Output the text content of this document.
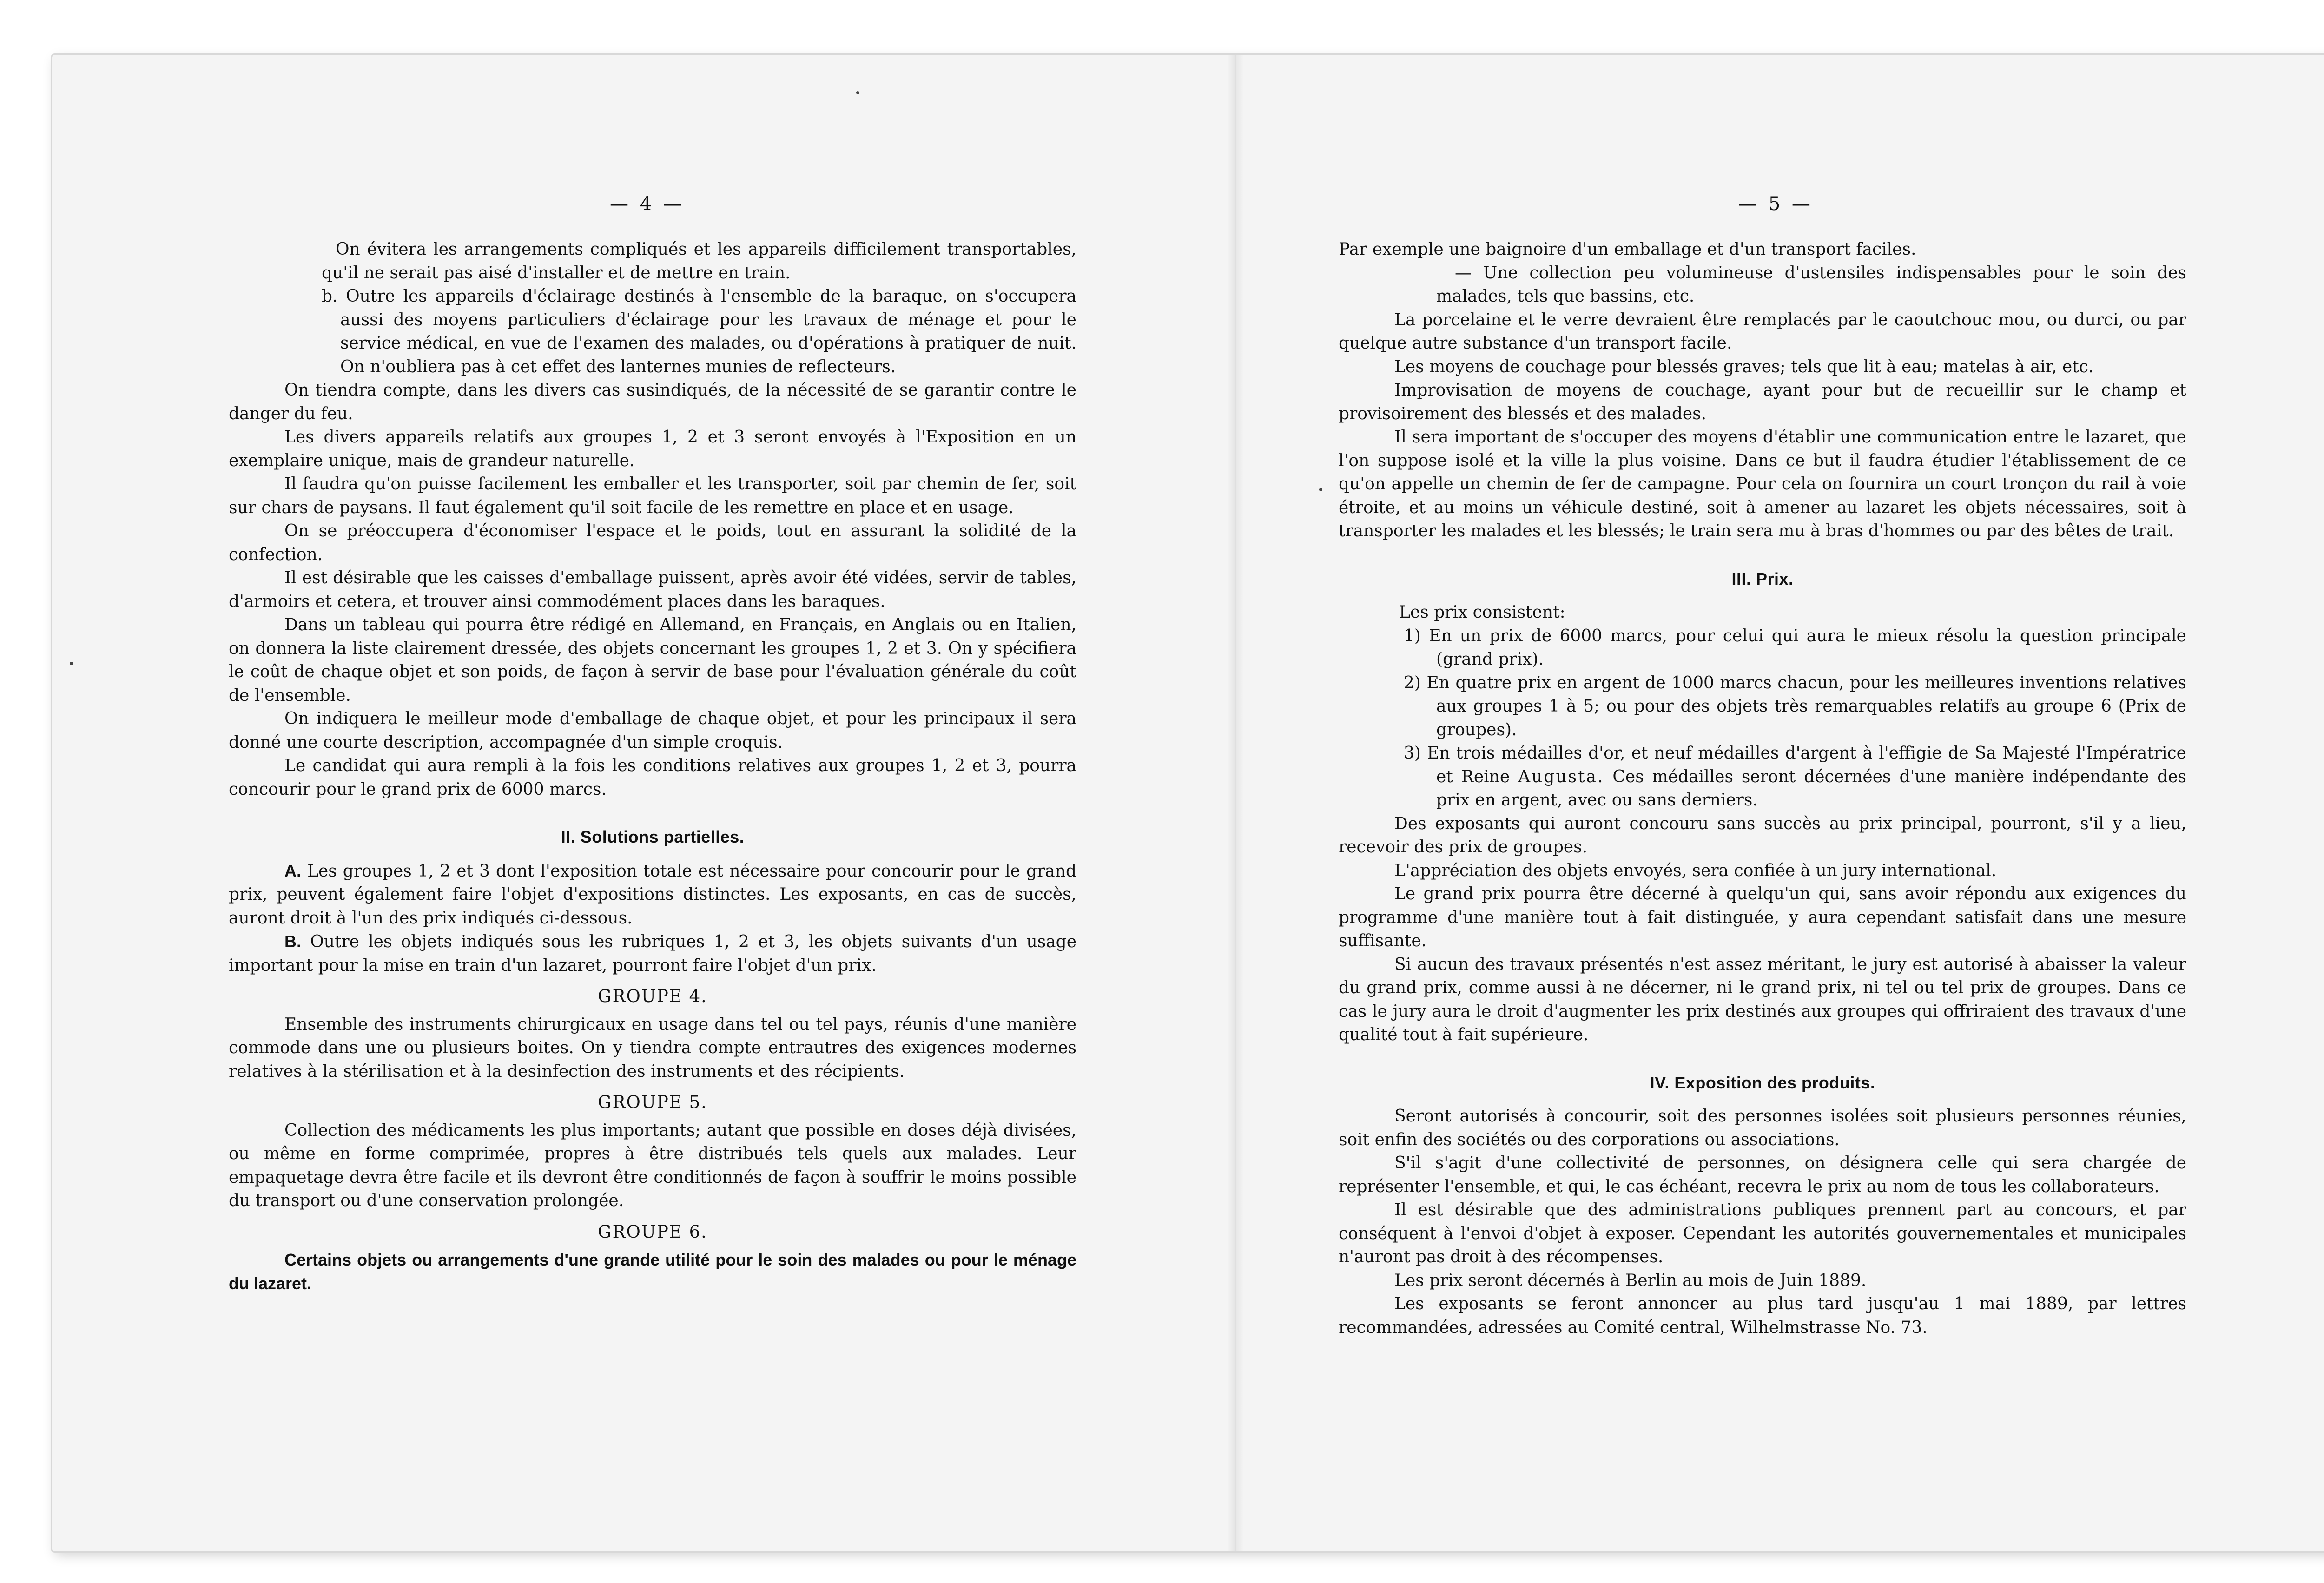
— 4 —

On évitera les arrangements compliqués et les appareils difficilement transportables, qu'il ne serait pas aisé d'installer et de mettre en train.

b. Outre les appareils d'éclairage destinés à l'ensemble de la baraque, on s'occupera aussi des moyens particuliers d'éclairage pour les travaux de ménage et pour le service médical, en vue de l'examen des malades, ou d'opérations à pratiquer de nuit. On n'oubliera pas à cet effet des lanternes munies de reflecteurs.

On tiendra compte, dans les divers cas susindiqués, de la nécessité de se garantir contre le danger du feu.

Les divers appareils relatifs aux groupes 1, 2 et 3 seront envoyés à l'Exposition en un exemplaire unique, mais de grandeur naturelle.

Il faudra qu'on puisse facilement les emballer et les transporter, soit par chemin de fer, soit sur chars de paysans. Il faut également qu'il soit facile de les remettre en place et en usage.

On se préoccupera d'économiser l'espace et le poids, tout en assurant la solidité de la confection.

Il est désirable que les caisses d'emballage puissent, après avoir été vidées, servir de tables, d'armoirs et cetera, et trouver ainsi commodément places dans les baraques.

Dans un tableau qui pourra être rédigé en Allemand, en Français, en Anglais ou en Italien, on donnera la liste clairement dressée, des objets concernant les groupes 1, 2 et 3. On y spécifiera le coût de chaque objet et son poids, de façon à servir de base pour l'évaluation générale du coût de l'ensemble.

On indiquera le meilleur mode d'emballage de chaque objet, et pour les principaux il sera donné une courte description, accompagnée d'un simple croquis.

Le candidat qui aura rempli à la fois les conditions relatives aux groupes 1, 2 et 3, pourra concourir pour le grand prix de 6000 marcs.

II. Solutions partielles.

A. Les groupes 1, 2 et 3 dont l'exposition totale est nécessaire pour concourir pour le grand prix, peuvent également faire l'objet d'expositions distinctes. Les exposants, en cas de succès, auront droit à l'un des prix indiqués ci-dessous.

B. Outre les objets indiqués sous les rubriques 1, 2 et 3, les objets suivants d'un usage important pour la mise en train d'un lazaret, pourront faire l'objet d'un prix.

GROUPE 4.

Ensemble des instruments chirurgicaux en usage dans tel ou tel pays, réunis d'une manière commode dans une ou plusieurs boites. On y tiendra compte entrautres des exigences modernes relatives à la stérilisation et à la desinfection des instruments et des récipients.

GROUPE 5.

Collection des médicaments les plus importants; autant que possible en doses déjà divisées, ou même en forme comprimée, propres à être distribués tels quels aux malades. Leur empaquetage devra être facile et ils devront être conditionnés de façon à souffrir le moins possible du transport ou d'une conservation prolongée.

GROUPE 6.

Certains objets ou arrangements d'une grande utilité pour le soin des malades ou pour le ménage du lazaret.

— 5 —

Par exemple une baignoire d'un emballage et d'un transport faciles.

— Une collection peu volumineuse d'ustensiles indispensables pour le soin des malades, tels que bassins, etc.

La porcelaine et le verre devraient être remplacés par le caoutchouc mou, ou durci, ou par quelque autre substance d'un transport facile.

Les moyens de couchage pour blessés graves; tels que lit à eau; matelas à air, etc.

Improvisation de moyens de couchage, ayant pour but de recueillir sur le champ et provisoirement des blessés et des malades.

Il sera important de s'occuper des moyens d'établir une communication entre le lazaret, que l'on suppose isolé et la ville la plus voisine. Dans ce but il faudra étudier l'établissement de ce qu'on appelle un chemin de fer de campagne. Pour cela on fournira un court tronçon du rail à voie étroite, et au moins un véhicule destiné, soit à amener au lazaret les objets nécessaires, soit à transporter les malades et les blessés; le train sera mu à bras d'hommes ou par des bêtes de trait.

III. Prix.

Les prix consistent:

1) En un prix de 6000 marcs, pour celui qui aura le mieux résolu la question principale (grand prix).

2) En quatre prix en argent de 1000 marcs chacun, pour les meilleures inventions relatives aux groupes 1 à 5; ou pour des objets très remarquables relatifs au groupe 6 (Prix de groupes).

3) En trois médailles d'or, et neuf médailles d'argent à l'effigie de Sa Majesté l'Impératrice et Reine Augusta. Ces médailles seront décernées d'une manière indépendante des prix en argent, avec ou sans derniers.

Des exposants qui auront concouru sans succès au prix principal, pourront, s'il y a lieu, recevoir des prix de groupes.

L'appréciation des objets envoyés, sera confiée à un jury international.

Le grand prix pourra être décerné à quelqu'un qui, sans avoir répondu aux exigences du programme d'une manière tout à fait distinguée, y aura cependant satisfait dans une mesure suffisante.

Si aucun des travaux présentés n'est assez méritant, le jury est autorisé à abaisser la valeur du grand prix, comme aussi à ne décerner, ni le grand prix, ni tel ou tel prix de groupes. Dans ce cas le jury aura le droit d'augmenter les prix destinés aux groupes qui offriraient des travaux d'une qualité tout à fait supérieure.

IV. Exposition des produits.

Seront autorisés à concourir, soit des personnes isolées soit plusieurs personnes réunies, soit enfin des sociétés ou des corporations ou associations.

S'il s'agit d'une collectivité de personnes, on désignera celle qui sera chargée de représenter l'ensemble, et qui, le cas échéant, recevra le prix au nom de tous les collaborateurs.

Il est désirable que des administrations publiques prennent part au concours, et par conséquent à l'envoi d'objet à exposer. Cependant les autorités gouvernementales et municipales n'auront pas droit à des récompenses.

Les prix seront décernés à Berlin au mois de Juin 1889.

Les exposants se feront annoncer au plus tard jusqu'au 1 mai 1889, par lettres recommandées, adressées au Comité central, Wilhelmstrasse No. 73.
